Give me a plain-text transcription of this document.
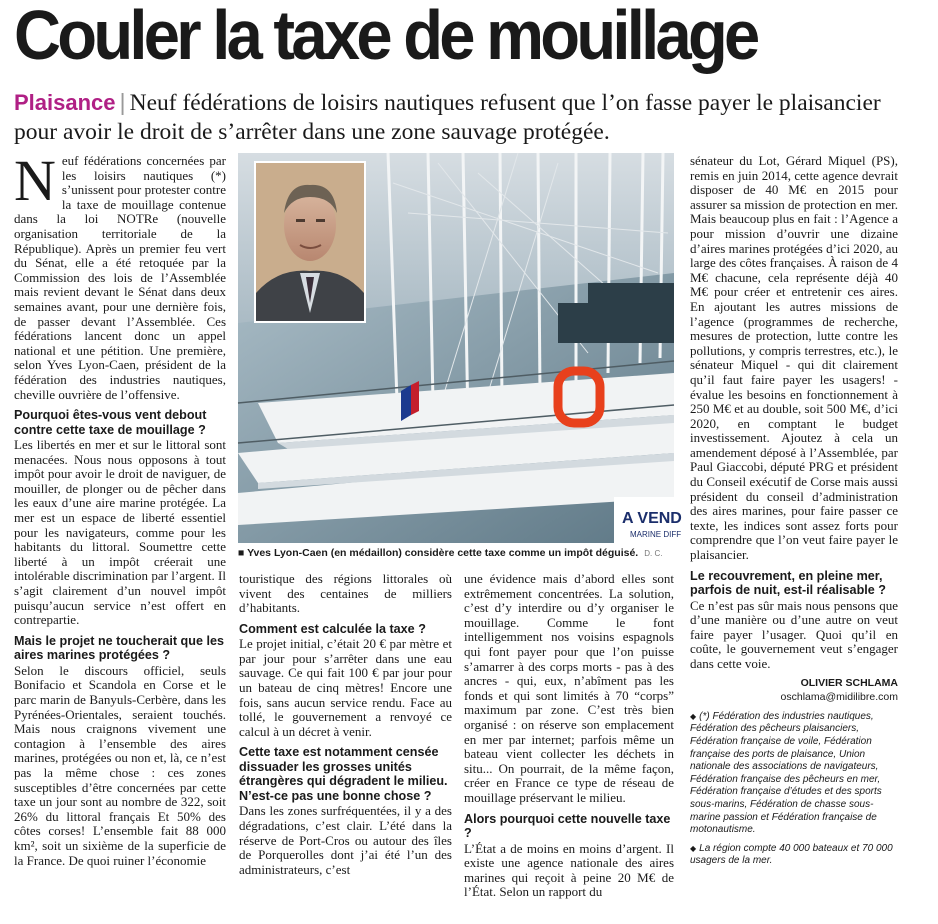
Couler la taxe de mouillage
Plaisance | Neuf fédérations de loisirs nautiques refusent que l’on fasse payer le plaisancier pour avoir le droit de s’arrêter dans une zone sauvage protégée.
N euf fédérations concernées par les loisirs nautiques (*) s’unissent pour protester contre la taxe de mouillage contenue dans la loi NOTRe (nouvelle organisation territoriale de la République). Après un premier feu vert du Sénat, elle a été retoquée par la Commission des lois de l’Assemblée mais revient devant le Sénat dans deux semaines avant, pour une dernière fois, de passer devant l’Assemblée. Ces fédérations lancent donc un appel national et une pétition. Une première, selon Yves Lyon-Caen, président de la fédération des industries nautiques, cheville ouvrière de l’offensive.

Pourquoi êtes-vous vent debout contre cette taxe de mouillage ?

Les libertés en mer et sur le littoral sont menacées. Nous nous opposons à tout impôt pour avoir le droit de naviguer, de mouiller, de plonger ou de pêcher dans les eaux d’une aire marine protégée. La mer est un espace de liberté essentiel pour les navigateurs, comme pour les habitants du littoral. Soumettre cette liberté à un impôt créerait une intolérable discrimination par l’argent. Il s’agit clairement d’un nouvel impôt puisqu’aucun service n’est offert en contrepartie.

Mais le projet ne toucherait que les aires marines protégées ?

Selon le discours officiel, seuls Bonifacio et Scandola en Corse et le parc marin de Banyuls-Cerbère, dans les Pyrénées-Orientales, seraient touchés. Mais nous craignons vivement une contagion à l’ensemble des aires marines, protégées ou non et, là, ce n’est pas la même chose : ces zones susceptibles d’être concernées par cette taxe un jour sont au nombre de 322, soit 26% du littoral français Et 50% des côtes corses! L’ensemble fait 88 000 km², soit un sixième de la superficie de la France. De quoi ruiner l’économie

A VEND
MARINE DIFF
■ Yves Lyon-Caen (en médaillon) considère cette taxe comme un impôt déguisé. D. C.

touristique des régions littorales où vivent des centaines de milliers d’habitants.

Comment est calculée la taxe ?

Le projet initial, c’était 20 € par mètre et par jour pour s’arrêter dans une eau sauvage. Ce qui fait 100 € par jour pour un bateau de cinq mètres! Encore une fois, sans aucun service rendu. Face au tollé, le gouvernement a renvoyé ce calcul à un décret à venir.

Cette taxe est notamment censée dissuader les grosses unités étrangères qui dégradent le milieu. N’est-ce pas une bonne chose ?

Dans les zones surfréquentées, il y a des dégradations, c’est clair. L’été dans la réserve de Port-Cros ou autour des îles de Porquerolles dont j’ai été l’un des administrateurs, c’est

une évidence mais d’abord elles sont extrêmement concentrées. La solution, c’est d’y interdire ou d’y organiser le mouillage. Comme le font intelligemment nos voisins espagnols qui font payer pour que l’on puisse s’amarrer à des corps morts - pas à des ancres - qui, eux, n’abîment pas les fonds et qui sont limités à 70 “corps” maximum par zone. C’est très bien organisé : on réserve son emplacement en mer par internet; parfois même un bateau vient collecter les déchets in situ... On pourrait, de la même façon, créer en France ce type de réseau de mouillage préservant le milieu.

Alors pourquoi cette nouvelle taxe ?

L’État a de moins en moins d’argent. Il existe une agence nationale des aires marines qui reçoit à peine 20 M€ de l’État. Selon un rapport du

sénateur du Lot, Gérard Miquel (PS), remis en juin 2014, cette agence devrait disposer de 40 M€ en 2015 pour assurer sa mission de protection en mer. Mais beaucoup plus en fait : l’Agence a pour mission d’ouvrir une dizaine d’aires marines protégées d’ici 2020, au large des côtes françaises. À raison de 4 M€ chacune, cela représente déjà 40 M€ pour créer et entretenir ces aires. En ajoutant les autres missions de l’agence (programmes de recherche, mesures de protection, lutte contre les pollutions, y compris terrestres, etc.), le sénateur Miquel - qui dit clairement qu’il faut faire payer les usagers! - évalue les besoins en fonctionnement à 250 M€ et au double, soit 500 M€, d’ici 2020, en comptant le budget investissement. Ajoutez à cela un amendement déposé à l’Assemblée, par Paul Giaccobi, député PRG et président du Conseil exécutif de Corse mais aussi président du conseil d’administration des aires marines, pour faire passer ce texte, les indices sont assez forts pour comprendre que l’on veut faire payer le plaisancier.

Le recouvrement, en pleine mer, parfois de nuit, est-il réalisable ?

Ce n’est pas sûr mais nous pensons que d’une manière ou d’une autre on veut faire payer l’usager. Quoi qu’il en coûte, le gouvernement veut s’engager dans cette voie.

OLIVIER SCHLAMA
oschlama@midilibre.com
◆ (*) Fédération des industries nautiques, Fédération des pêcheurs plaisanciers, Fédération française de voile, Fédération française des ports de plaisance, Union nationale des associations de navigateurs, Fédération française des pêcheurs en mer, Fédération française d’études et des sports sous-marins, Fédération de chasse sous-marine passion et Fédération française de motonautisme.
◆ La région compte 40 000 bateaux et 70 000 usagers de la mer.
